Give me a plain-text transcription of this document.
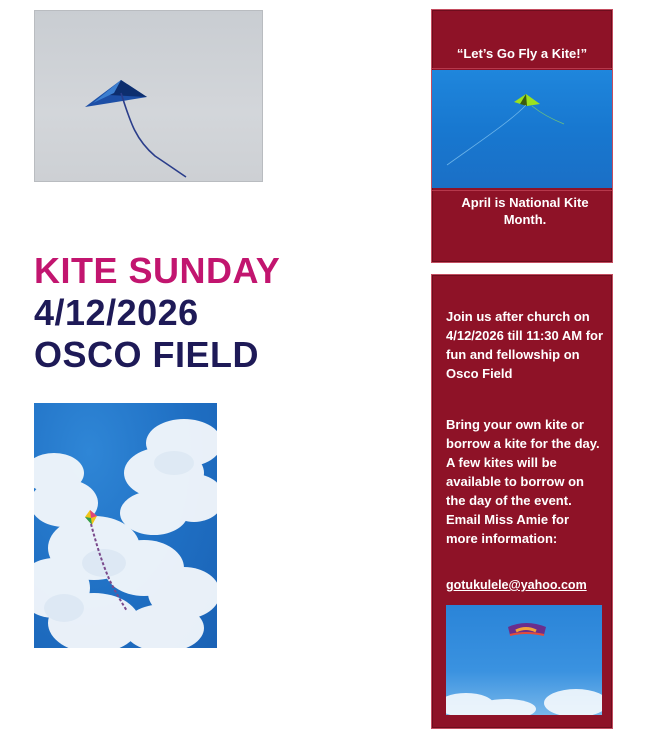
KITE SUNDAY
4/12/2026
OSCO FIELD
“Let’s Go Fly a Kite!”
April is National Kite Month.
Join us after church on 4/12/2026 till 11:30 AM for fun and fellowship on Osco Field
Bring your own kite or borrow a kite for the day. A few kites will be available to borrow on the day of the event. Email Miss Amie for more information:
gotukulele@yahoo.com
